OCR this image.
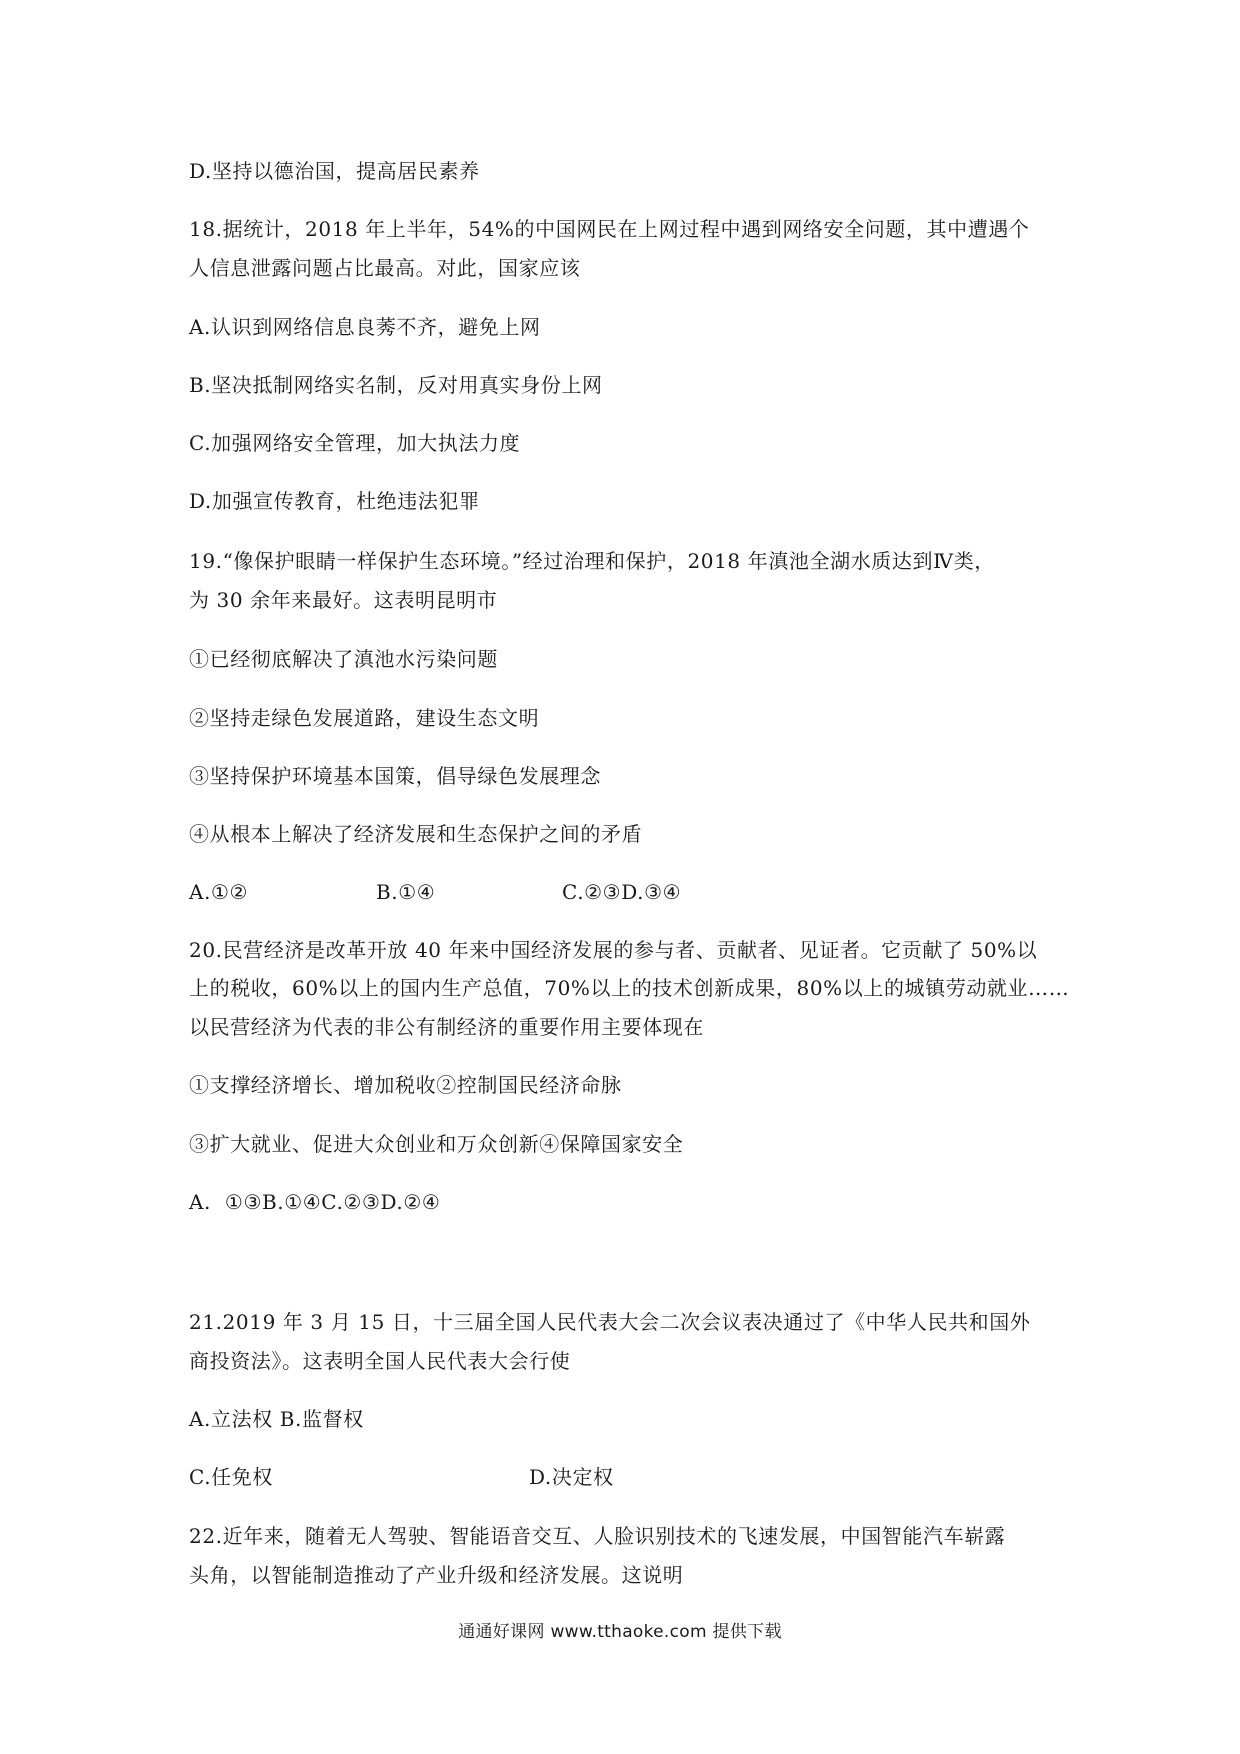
D.坚持以德治国，提高居民素养
18.据统计，2018 年上半年，54%的中国网民在上网过程中遇到网络安全问题，其中遭遇个
人信息泄露问题占比最高。对此，国家应该
A.认识到网络信息良莠不齐，避免上网
B.坚决抵制网络实名制，反对用真实身份上网
C.加强网络安全管理，加大执法力度
D.加强宣传教育，杜绝违法犯罪
19.“像保护眼睛一样保护生态环境。”经过治理和保护，2018 年滇池全湖水质达到Ⅳ类，
为 30 余年来最好。这表明昆明市
①已经彻底解决了滇池水污染问题
②坚持走绿色发展道路，建设生态文明
③坚持保护环境基本国策，倡导绿色发展理念
④从根本上解决了经济发展和生态保护之间的矛盾
A.①②	B.①④	C.②③D.③④
20.民营经济是改革开放 40 年来中国经济发展的参与者、贡献者、见证者。它贡献了 50%以
上的税收，60%以上的国内生产总值，70%以上的技术创新成果，80%以上的城镇劳动就业……
以民营经济为代表的非公有制经济的重要作用主要体现在
①支撑经济增长、增加税收②控制国民经济命脉
③扩大就业、促进大众创业和万众创新④保障国家安全
A.  ①③B.①④C.②③D.②④
21.2019 年 3 月 15 日，十三届全国人民代表大会二次会议表决通过了《中华人民共和国外
商投资法》。这表明全国人民代表大会行使
A.立法权 B.监督权
C.任免权	D.决定权
22.近年来，随着无人驾驶、智能语音交互、人脸识别技术的飞速发展，中国智能汽车崭露
头角，以智能制造推动了产业升级和经济发展。这说明
通通好课网 www.tthaoke.com 提供下载
